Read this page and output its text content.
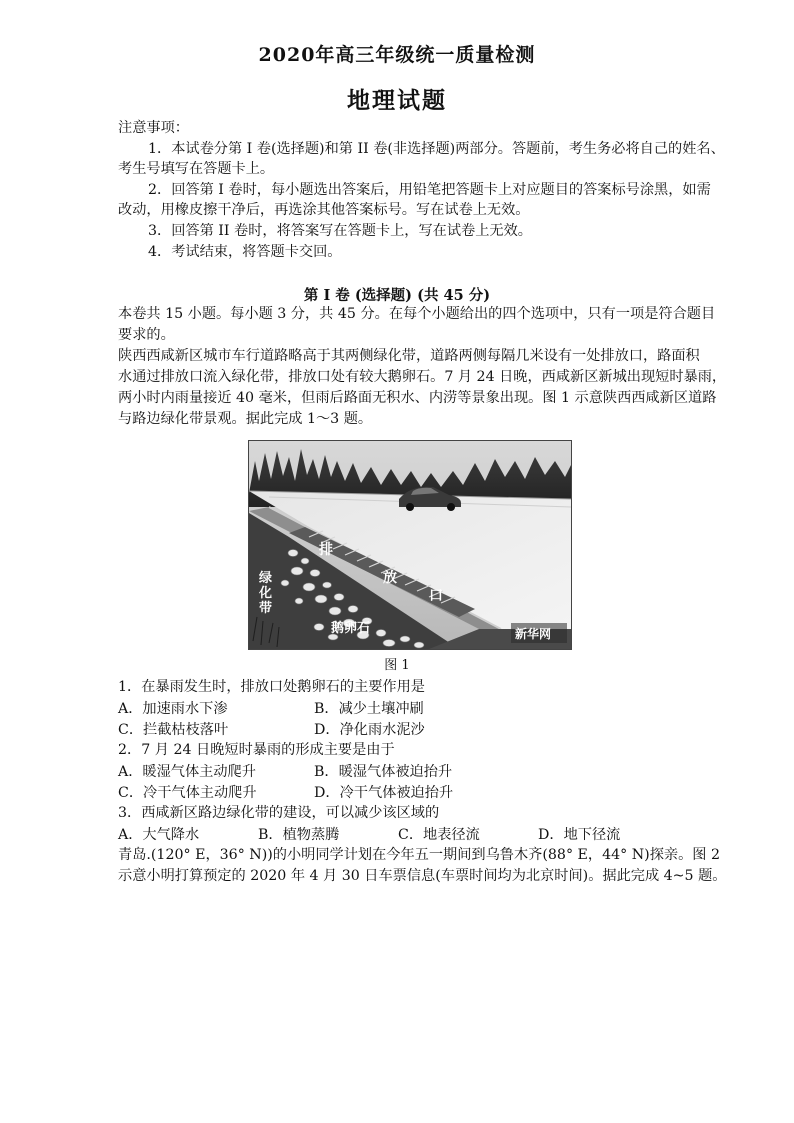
2020年高三年级统一质量检测
地理试题
注意事项：
1．本试卷分第 I 卷(选择题)和第 II 卷(非选择题)两部分。答题前，考生务必将自己的姓名、
考生号填写在答题卡上。
2．回答第 I 卷时，每小题选出答案后，用铅笔把答题卡上对应题目的答案标号涂黑，如需
改动，用橡皮擦干净后，再选涂其他答案标号。写在试卷上无效。
3．回答第 II 卷时，将答案写在答题卡上，写在试卷上无效。
4．考试结束，将答题卡交回。
第 I 卷 (选择题) (共 45 分)
本卷共 15 小题。每小题 3 分，共 45 分。在每个小题给出的四个选项中，只有一项是符合题目
要求的。
陕西西咸新区城市车行道路略高于其两侧绿化带，道路两侧每隔几米设有一处排放口，路面积
水通过排放口流入绿化带，排放口处有较大鹅卵石。7 月 24 日晚，西咸新区新城出现短时暴雨，
两小时内雨量接近 40 毫米，但雨后路面无积水、内涝等景象出现。图 1 示意陕西西咸新区道路
与路边绿化带景观。据此完成 1～3 题。
排
放
口
绿化带
鹅卵石	新华网
图 1
1．在暴雨发生时，排放口处鹅卵石的主要作用是
A．加速雨水下渗	B．减少土壤冲刷
C．拦截枯枝落叶	D．净化雨水泥沙
2．7 月 24 日晚短时暴雨的形成主要是由于
A．暖湿气体主动爬升	B．暖湿气体被迫抬升
C．冷干气体主动爬升	D．冷干气体被迫抬升
3．西咸新区路边绿化带的建设，可以减少该区域的
A．大气降水	B．植物蒸腾	C．地表径流	D．地下径流
青岛.(120° E，36° N))的小明同学计划在今年五一期间到乌鲁木齐(88° E，44° N)探亲。图 2
示意小明打算预定的 2020 年 4 月 30 日车票信息(车票时间均为北京时间)。据此完成 4~5 题。
